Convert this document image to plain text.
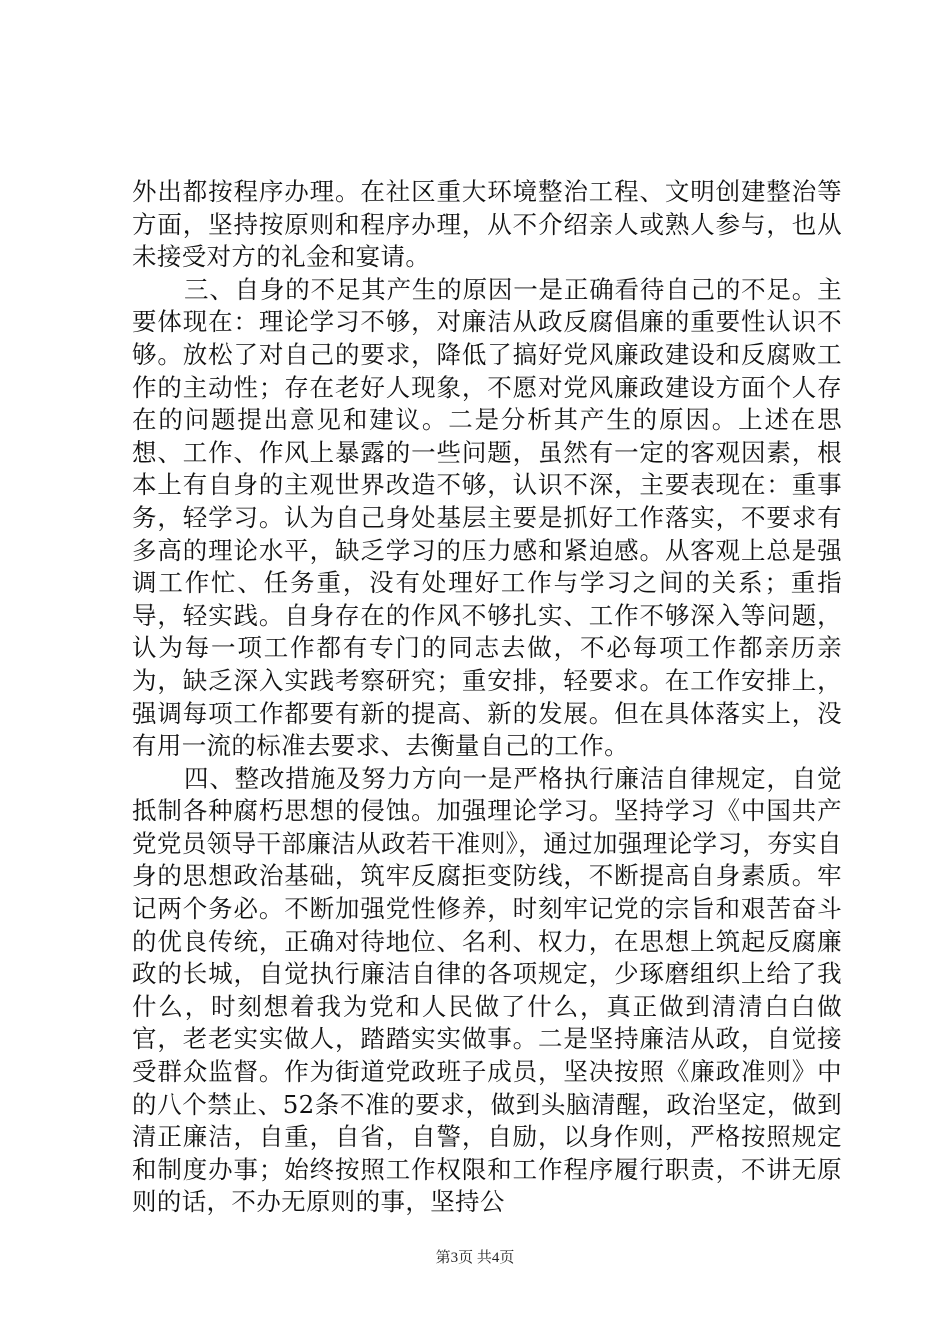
外出都按程序办理。在社区重大环境整治工程、文明创建整治等方面，坚持按原则和程序办理，从不介绍亲人或熟人参与，也从未接受对方的礼金和宴请。

三、自身的不足其产生的原因一是正确看待自己的不足。主要体现在：理论学习不够，对廉洁从政反腐倡廉的重要性认识不够。放松了对自己的要求，降低了搞好党风廉政建设和反腐败工作的主动性；存在老好人现象，不愿对党风廉政建设方面个人存在的问题提出意见和建议。二是分析其产生的原因。上述在思想、工作、作风上暴露的一些问题，虽然有一定的客观因素，根本上有自身的主观世界改造不够，认识不深，主要表现在：重事务，轻学习。认为自己身处基层主要是抓好工作落实，不要求有多高的理论水平，缺乏学习的压力感和紧迫感。从客观上总是强调工作忙、任务重，没有处理好工作与学习之间的关系；重指导，轻实践。自身存在的作风不够扎实、工作不够深入等问题，认为每一项工作都有专门的同志去做，不必每项工作都亲历亲为，缺乏深入实践考察研究；重安排，轻要求。在工作安排上，强调每项工作都要有新的提高、新的发展。但在具体落实上，没有用一流的标准去要求、去衡量自己的工作。

四、整改措施及努力方向一是严格执行廉洁自律规定，自觉抵制各种腐朽思想的侵蚀。加强理论学习。坚持学习《中国共产党党员领导干部廉洁从政若干准则》，通过加强理论学习，夯实自身的思想政治基础，筑牢反腐拒变防线，不断提高自身素质。牢记两个务必。不断加强党性修养，时刻牢记党的宗旨和艰苦奋斗的优良传统，正确对待地位、名利、权力，在思想上筑起反腐廉政的长城，自觉执行廉洁自律的各项规定，少琢磨组织上给了我什么，时刻想着我为党和人民做了什么，真正做到清清白白做官，老老实实做人，踏踏实实做事。二是坚持廉洁从政，自觉接受群众监督。作为街道党政班子成员，坚决按照《廉政准则》中的八个禁止、52条不准的要求，做到头脑清醒，政治坚定，做到清正廉洁，自重，自省，自警，自励，以身作则，严格按照规定和制度办事；始终按照工作权限和工作程序履行职责，不讲无原则的话，不办无原则的事，坚持公

第3页 共4页
